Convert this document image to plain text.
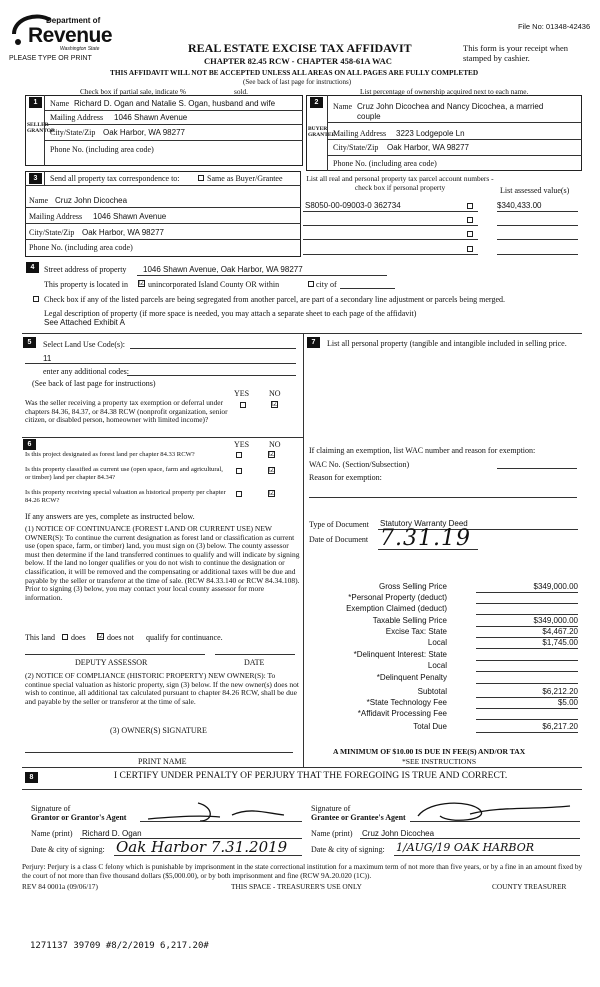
Department of
Revenue
Washington State
File No: 01348-42436
PLEASE TYPE OR PRINT
REAL ESTATE EXCISE TAX AFFIDAVIT
CHAPTER 82.45 RCW - CHAPTER 458-61A WAC
This form is your receipt when stamped by cashier.
THIS AFFIDAVIT WILL NOT BE ACCEPTED UNLESS ALL AREAS ON ALL PAGES ARE FULLY COMPLETED
(See back of last page for instructions)
Check box if partial sale, indicate %	sold.	List percentage of ownership acquired next to each name.
1
SELLER GRANTOR
Name Richard D. Ogan and Natalie S. Ogan, husband and wife
Mailing Address 1046 Shawn Avenue
City/State/Zip Oak Harbor, WA 98277
Phone No. (including area code)
2
BUYER GRANTEE
Name Cruz John Dicochea and Nancy Dicochea, a married
couple
Mailing Address 3223 Lodgepole Ln
City/State/Zip Oak Harbor, WA 98277
Phone No. (including area code)
3	Send all property tax correspondence to:	Same as Buyer/Grantee
Name Cruz John Dicochea
Mailing Address 1046 Shawn Avenue
City/State/Zip Oak Harbor, WA 98277
Phone No. (including area code)
List all real and personal property tax parcel account numbers - check box if personal property	List assessed value(s)
S8050-00-09003-0 362734	$340,433.00
4	Street address of property 1046 Shawn Avenue, Oak Harbor, WA 98277
This property is located in ☑ unincorporated Island County OR within	city of
Check box if any of the listed parcels are being segregated from another parcel, are part of a secondary line adjustment or parcels being merged.
Legal description of property (if more space is needed, you may attach a separate sheet to each page of the affidavit)
See Attached Exhibit A
5	Select Land Use Code(s):
11
enter any additional codes:
(See back of last page for instructions)
YES NO
Was the seller receiving a property tax exemption or deferral under chapters 84.36, 84.37, or 84.38 RCW (nonprofit organization, senior citizen, or disabled person, homeowner with limited income)?
☑
7	List all personal property (tangible and intangible included in selling price.
6	YES NO
Is this project designated as forest land per chapter 84.33 RCW?	☑
Is this property classified as current use (open space, farm and agricultural, or timber) land per chapter 84.34?
☑
Is this property receiving special valuation as historical property per chapter 84.26 RCW?
☑
If any answers are yes, complete as instructed below.
(1) NOTICE OF CONTINUANCE (FOREST LAND OR CURRENT USE) NEW OWNER(S): To continue the current designation as forest land or classification as current use (open space, farm, or timber) land, you must sign on (3) below. The county assessor must then determine if the land transferred continues to qualify and will indicate by signing below. If the land no longer qualifies or you do not wish to continue the designation or classification, it will be removed and the compensating or additional taxes will be due and payable by the seller or transferor at the time of sale. (RCW 84.33.140 or RCW 84.34.108). Prior to signing (3) below, you may contact your local county assessor for more information.
This land does ☑ does not qualify for continuance.
DEPUTY ASSESSOR	DATE
(2) NOTICE OF COMPLIANCE (HISTORIC PROPERTY) NEW OWNER(S): To continue special valuation as historic property, sign (3) below. If the new owner(s) does not wish to continue, all additional tax calculated pursuant to chapter 84.26 RCW, shall be due and payable by the seller or transferor at the time of sale.
(3) OWNER(S) SIGNATURE
PRINT NAME
If claiming an exemption, list WAC number and reason for exemption:
WAC No. (Section/Subsection)
Reason for exemption:
Type of Document Statutory Warranty Deed
Date of Document 7.31.19
Gross Selling Price	$349,000.00
*Personal Property (deduct)
Exemption Claimed (deduct)
Taxable Selling Price	$349,000.00
Excise Tax: State	$4,467.20
Local	$1,745.00
*Delinquent Interest: State
Local
*Delinquent Penalty
Subtotal	$6,212.20
*State Technology Fee	$5.00
*Affidavit Processing Fee
Total Due	$6,217.20
A MINIMUM OF $10.00 IS DUE IN FEE(S) AND/OR TAX
*SEE INSTRUCTIONS
8	I CERTIFY UNDER PENALTY OF PERJURY THAT THE FOREGOING IS TRUE AND CORRECT.
Signature of
Grantor or Grantor's Agent
Name (print) Richard D. Ogan
Date & city of signing: Oak Harbor 7.31.2019
Signature of
Grantee or Grantee's Agent
Name (print) Cruz John Dicochea
Date & city of signing: 1/AUG/19 OAK HARBOR
Perjury: Perjury is a class C felony which is punishable by imprisonment in the state correctional institution for a maximum term of not more than five years, or by a fine in an amount fixed by the court of not more than five thousand dollars ($5,000.00), or by both imprisonment and fine (RCW 9A.20.020 (1C)).
REV 84 0001a (09/06/17)	THIS SPACE - TREASURER'S USE ONLY	COUNTY TREASURER
1271137 39709 #8/2/2019 6,217.20#
